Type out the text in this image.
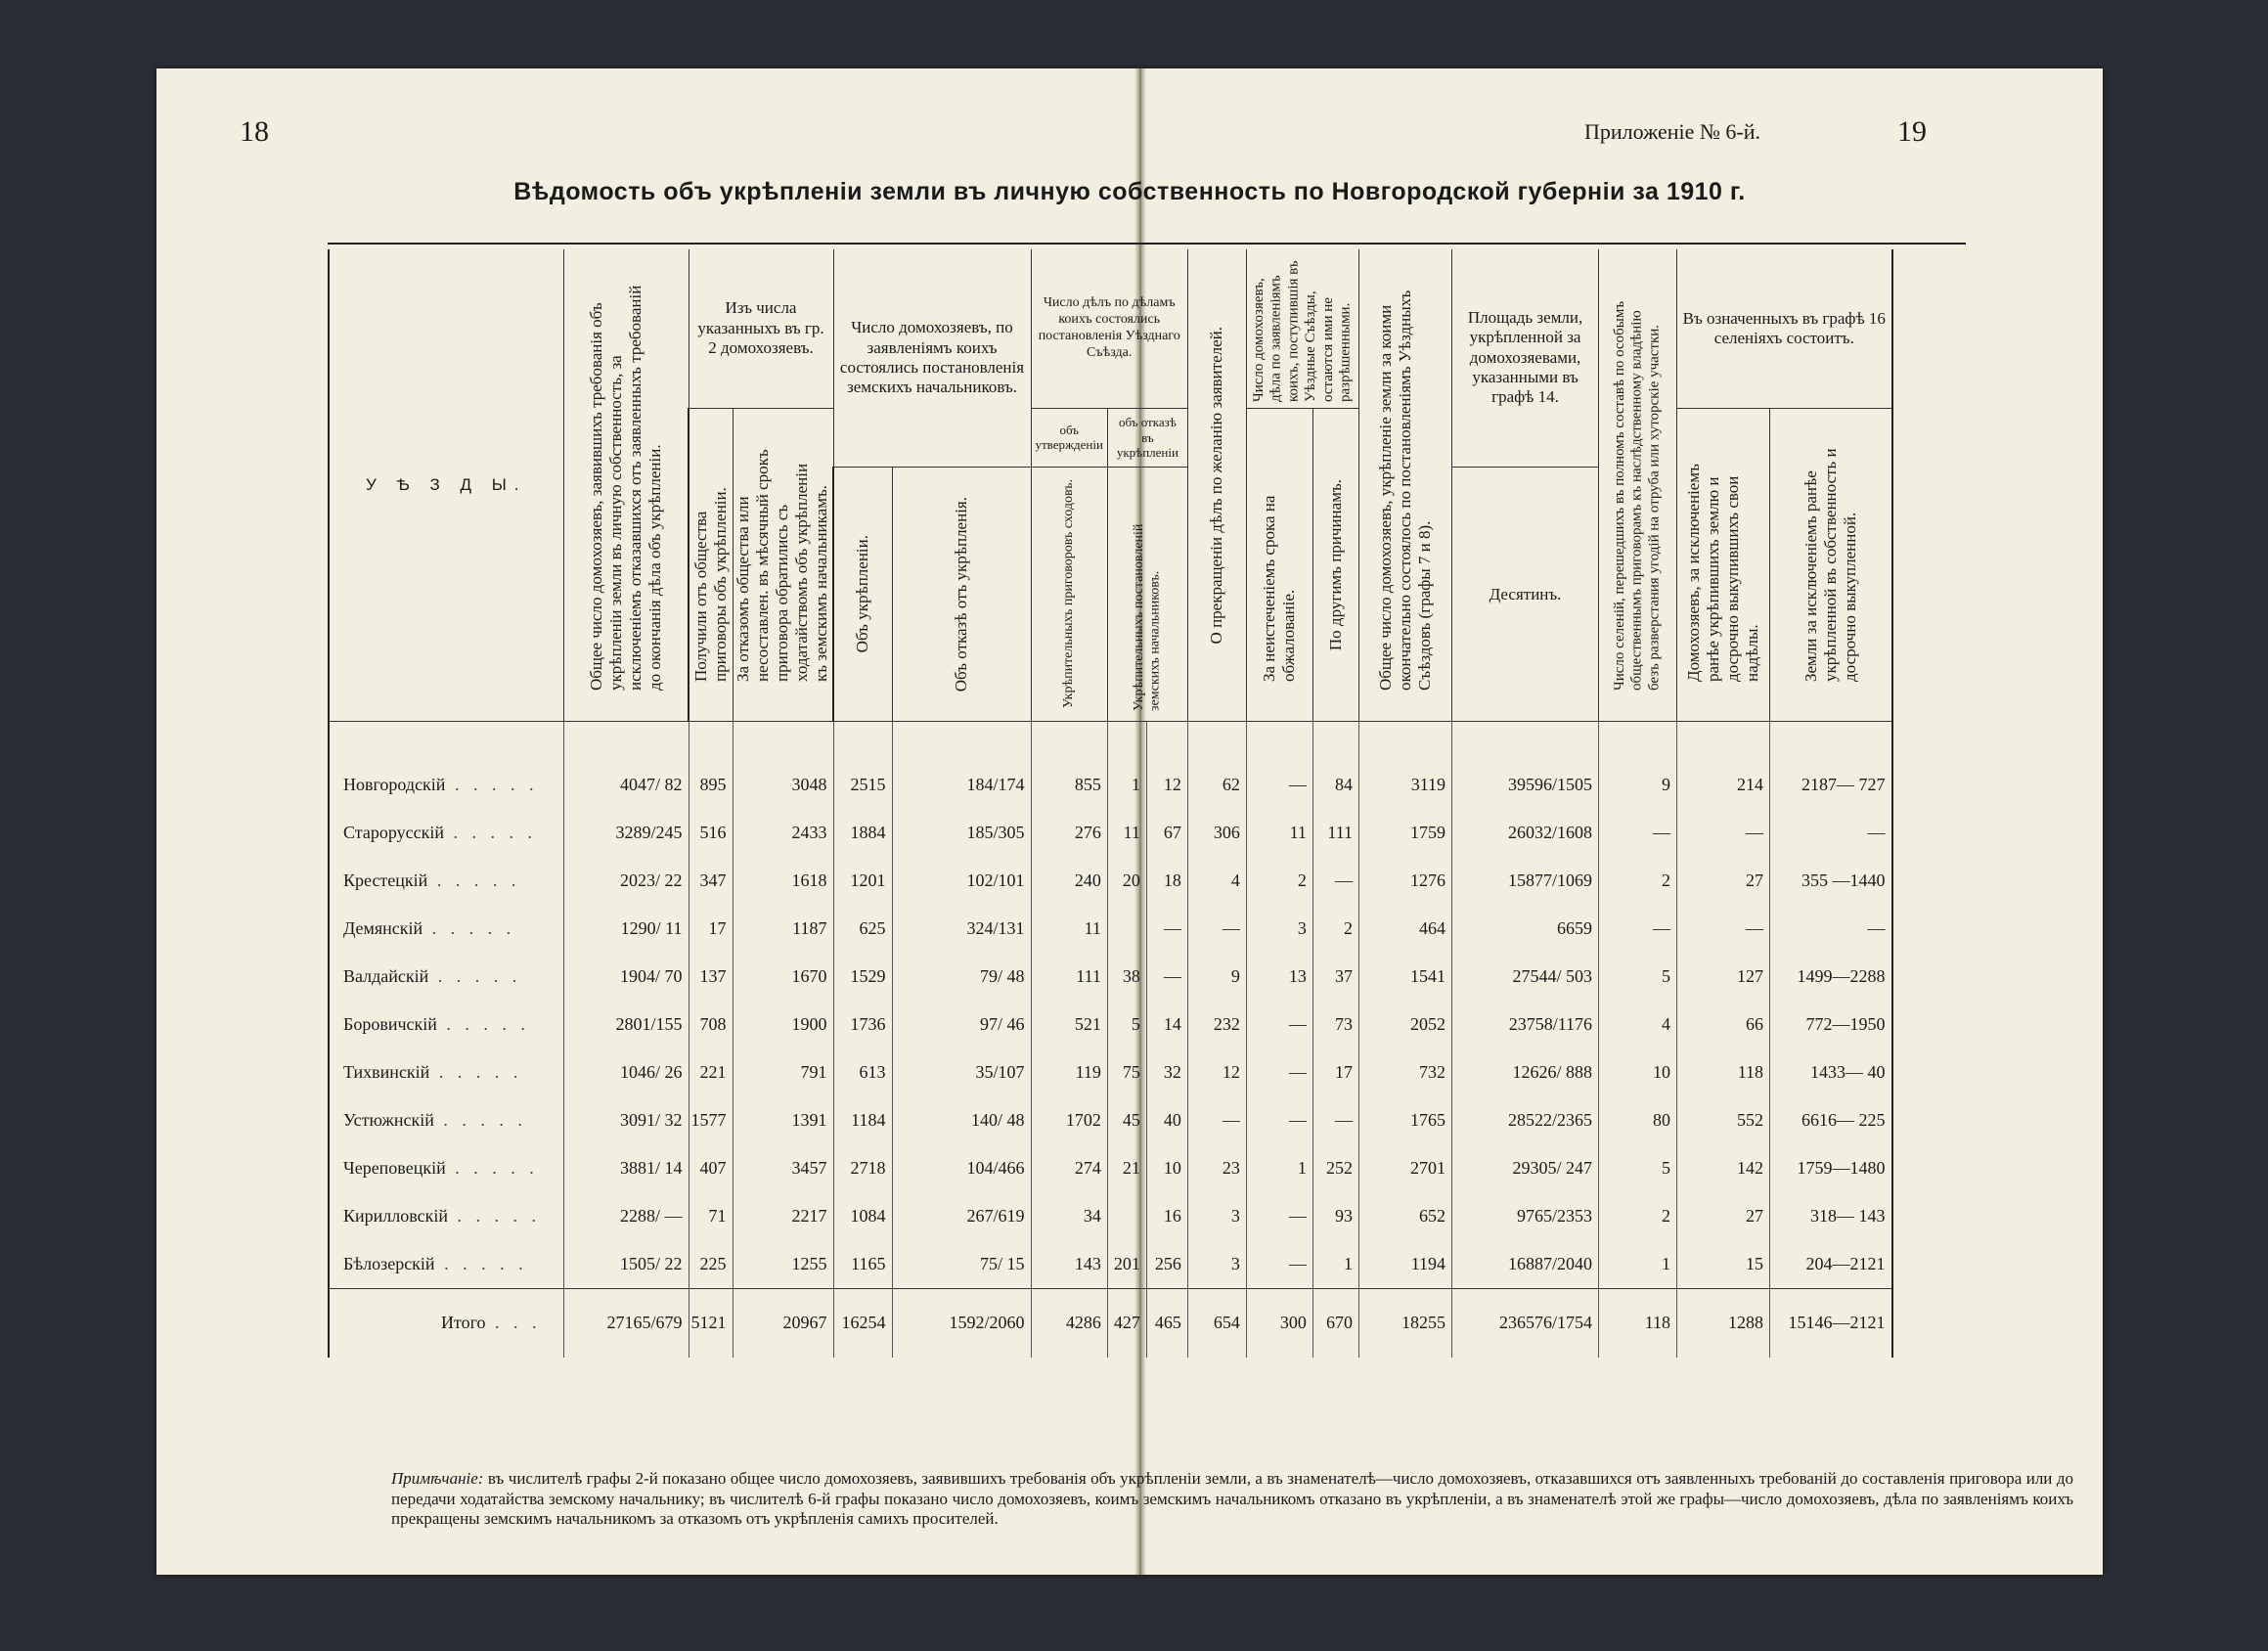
18	Приложенiе № 6-й.	19
Вѣдомость объ укрѣпленiи земли въ личную собственность по Новгородской губернiи за 1910 г.
У Ѣ З Д Ы.	Общее число домохозяевъ, заявившихъ требованiя объ укрѣпленiи земли въ личную собственность, за исключенiемъ отказавшихся отъ заявленныхъ требованiй до окончанiя дѣла объ укрѣпленiи.	Изъ числа указанныхъ въ гр. 2 домохозяевъ.		Число домохозяевъ, по заявленiямъ коихъ состоялись постановленiя земскихъ начальниковъ.		Число дѣлъ по дѣламъ коихъ состоялись постановленiя Уѣзднаго Съѣзда.			О прекращенiи дѣлъ по желанiю заявителей.	Число домохозяевъ, дѣла по заявленiямъ коихъ, поступившiя въ Уѣздные Съѣзды, остаются ими не разрѣшенными.		Общее число домохозяевъ, укрѣпленiе земли за коими окончательно состоялось по постановленiямъ Уѣздныхъ Съѣздовъ (графы 7 и 8).	Площадь земли, укрѣпленной за домохозяевами, указанными въ графѣ 14.	Число селенiй, перешедшихъ въ полномъ составѣ по особымъ общественнымъ приговорамъ къ наслѣдственному владѣнiю безъ разверстания угодiй на отруба или хуторскiе участки.	Въ означенныхъ въ графѣ 16 селенiяхъ состоитъ.	

		Получили отъ общества приговоры объ укрѣпленiи.	За отказомъ общества или несоставлен. въ мѣсячный срокъ приговора обратились съ ходатайствомъ объ укрѣпленiи къ земскимъ начальникамъ.			объ утвержденiи	объ отказѣ въ укрѣпленiи			За неистеченiемъ срока на обжалованiе.	По другимъ причинамъ.				Домохозяевъ, за исключенiемъ ранѣе укрѣпившихъ землю и досрочно выкупившихъ свои надѣлы.	Земли за исключенiемъ ранѣе укрѣпленной въ собственность и досрочно выкупленной.

				Объ укрѣпленiи.	Объ отказѣ отъ укрѣпленiя.	Укрѣпительныхъ приговоровъ сходовъ.	Укрѣпительныхъ постановленiй земскихъ начальниковъ.						Десятинъ.			
Новгородскiй . . . . .	4047/ 82	895	3048	2515	184/174	855	1	12	62	—	84	3119	39596/1505	9	214	2187— 727
Старорусскiй . . . . .	3289/245	516	2433	1884	185/305	276	11	67	306	11	111	1759	26032/1608	—	—	—
Крестецкiй . . . . .	2023/ 22	347	1618	1201	102/101	240	20	18	4	2	—	1276	15877/1069	2	27	355 —1440
Демянскiй . . . . .	1290/ 11	17	1187	625	324/131	11		—	—	3	2	464	6659	—	—	—
Валдайскiй . . . . .	1904/ 70	137	1670	1529	79/ 48	111	38	—	9	13	37	1541	27544/ 503	5	127	1499—2288
Боровичскiй . . . . .	2801/155	708	1900	1736	97/ 46	521	5	14	232	—	73	2052	23758/1176	4	66	772—1950
Тихвинскiй . . . . .	1046/ 26	221	791	613	35/107	119	75	32	12	—	17	732	12626/ 888	10	118	1433— 40
Устюжнскiй . . . . .	3091/ 32	1577	1391	1184	140/ 48	1702	45	40	—	—	—	1765	28522/2365	80	552	6616— 225
Череповецкiй . . . . .	3881/ 14	407	3457	2718	104/466	274	21	10	23	1	252	2701	29305/ 247	5	142	1759—1480
Кирилловскiй . . . . .	2288/ —	71	2217	1084	267/619	34		16	3	—	93	652	9765/2353	2	27	318— 143
Бѣлозерскiй . . . . .	1505/ 22	225	1255	1165	75/ 15	143	201	256	3	—	1	1194	16887/2040	1	15	204—2121
Итого . . .	27165/679	5121	20967	16254	1592/2060	4286	427	465	654	300	670	18255	236576/1754	118	1288	15146—2121
Примѣчанiе: въ числителѣ графы 2-й показано общее число домохозяевъ, заявившихъ требованiя объ укрѣпленiи земли, а въ знаменателѣ—число домохозяевъ, отказавшихся отъ заявленныхъ требованiй до составленiя приговора или до передачи ходатайства земскому начальнику; въ числителѣ 6-й графы показано число домохозяевъ, коимъ земскимъ начальникомъ отказано въ укрѣпленiи, а въ знаменателѣ этой же графы—число домохозяевъ, дѣла по заявленiямъ коихъ прекращены земскимъ начальникомъ за отказомъ отъ укрѣпленiя самихъ просителей.
